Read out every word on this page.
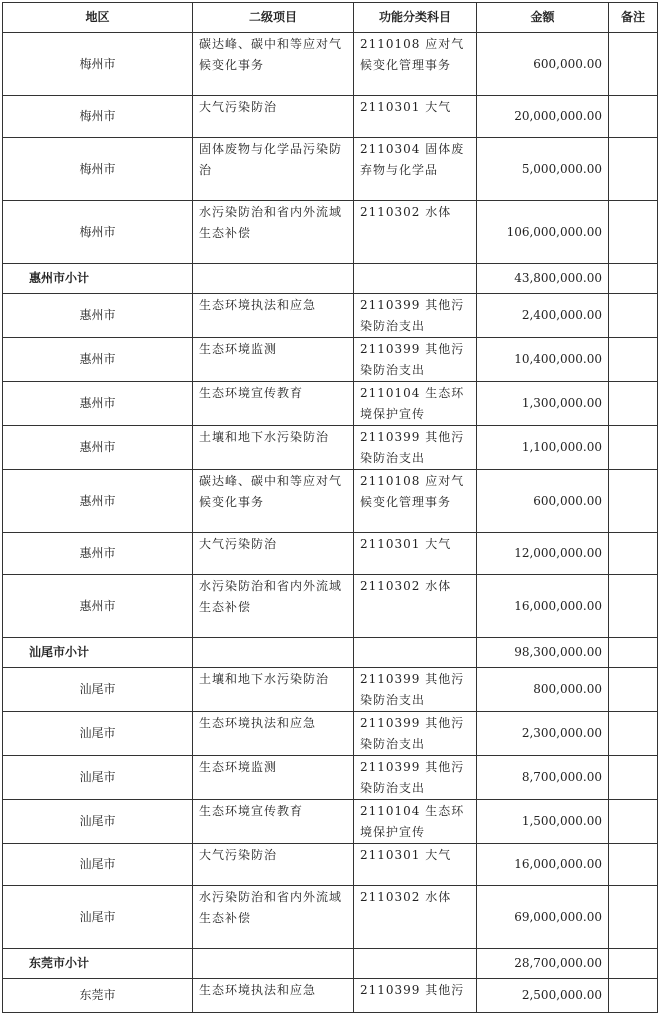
地区	二级项目	功能分类科目	金额	备注
梅州市	碳达峰、碳中和等应对气候变化事务	2110108 应对气候变化管理事务	600,000.00	
梅州市	大气污染防治	2110301 大气	20,000,000.00	
梅州市	固体废物与化学品污染防治	2110304 固体废弃物与化学品	5,000,000.00	
梅州市	水污染防治和省内外流域生态补偿	2110302 水体	106,000,000.00	
惠州市小计			43,800,000.00	
惠州市	生态环境执法和应急	2110399 其他污染防治支出	2,400,000.00	
惠州市	生态环境监测	2110399 其他污染防治支出	10,400,000.00	
惠州市	生态环境宣传教育	2110104 生态环境保护宣传	1,300,000.00	
惠州市	土壤和地下水污染防治	2110399 其他污染防治支出	1,100,000.00	
惠州市	碳达峰、碳中和等应对气候变化事务	2110108 应对气候变化管理事务	600,000.00	
惠州市	大气污染防治	2110301 大气	12,000,000.00	
惠州市	水污染防治和省内外流域生态补偿	2110302 水体	16,000,000.00	
汕尾市小计			98,300,000.00	
汕尾市	土壤和地下水污染防治	2110399 其他污染防治支出	800,000.00	
汕尾市	生态环境执法和应急	2110399 其他污染防治支出	2,300,000.00	
汕尾市	生态环境监测	2110399 其他污染防治支出	8,700,000.00	
汕尾市	生态环境宣传教育	2110104 生态环境保护宣传	1,500,000.00	
汕尾市	大气污染防治	2110301 大气	16,000,000.00	
汕尾市	水污染防治和省内外流域生态补偿	2110302 水体	69,000,000.00	
东莞市小计			28,700,000.00	
东莞市	生态环境执法和应急	2110399 其他污	2,500,000.00	
